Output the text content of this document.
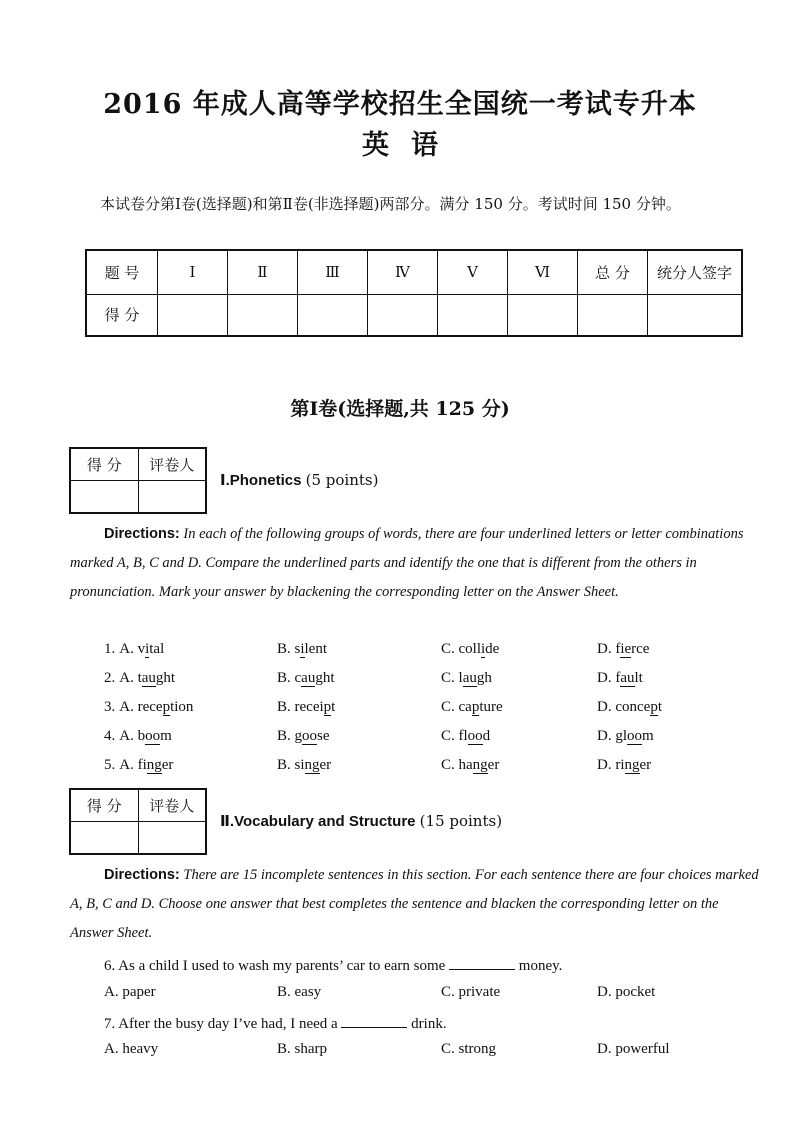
2016 年成人高等学校招生全国统一考试专升本
英语
本试卷分第Ⅰ卷(选择题)和第Ⅱ卷(非选择题)两部分。满分 150 分。考试时间 150 分钟。
题 号	Ⅰ	Ⅱ	Ⅲ	Ⅳ	Ⅴ	Ⅵ	总 分	统分人签字
得 分								
第Ⅰ卷(选择题,共 125 分)
得 分	评卷人

Ⅰ.Phonetics (5 points)
Directions: In each of the following groups of words, there are four underlined letters or letter combinations marked A, B, C and D. Compare the underlined parts and identify the one that is different from the others in pronunciation. Mark your answer by blackening the corresponding letter on the Answer Sheet.
1. A. vital	B. silent	C. collide	D. fierce
2. A. taught	B. caught	C. laugh	D. fault
3. A. reception	B. receipt	C. capture	D. concept
4. A. boom	B. goose	C. flood	D. gloom
5. A. finger	B. singer	C. hanger	D. ringer
得 分	评卷人

Ⅱ.Vocabulary and Structure (15 points)
Directions: There are 15 incomplete sentences in this section. For each sentence there are four choices marked A, B, C and D. Choose one answer that best completes the sentence and blacken the corresponding letter on the Answer Sheet.
6. As a child I used to wash my parents’ car to earn some	money.
A. paper	B. easy	C. private	D. pocket
7. After the busy day I’ve had, I need a	drink.
A. heavy	B. sharp	C. strong	D. powerful
